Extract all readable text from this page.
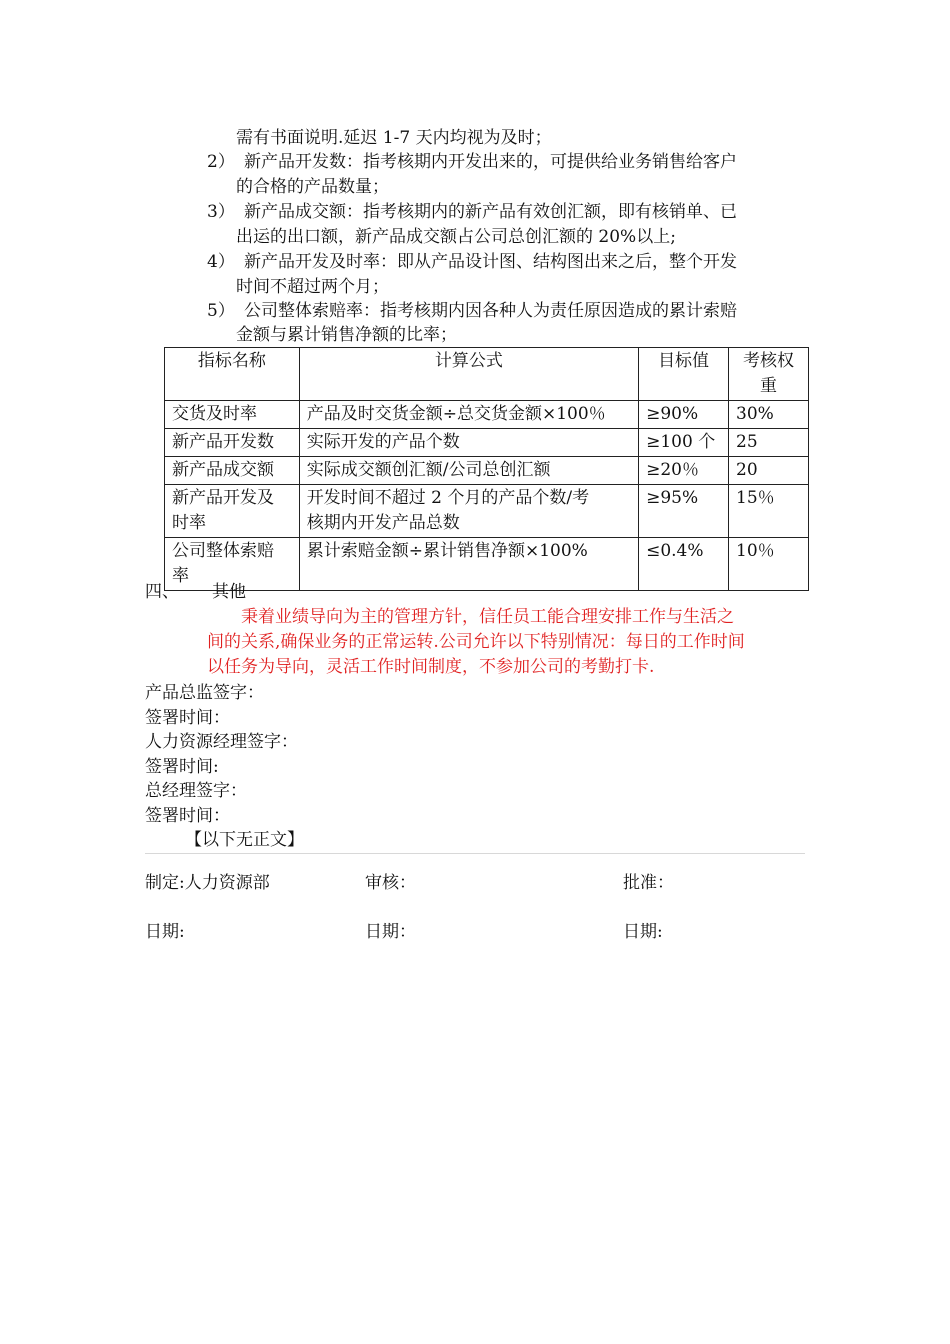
需有书面说明.延迟 1-7 天内均视为及时；
2） 新产品开发数：指考核期内开发出来的，可提供给业务销售给客户
的合格的产品数量；
3） 新产品成交额：指考核期内的新产品有效创汇额，即有核销单、已
出运的出口额，新产品成交额占公司总创汇额的 20%以上;
4） 新产品开发及时率：即从产品设计图、结构图出来之后，整个开发
时间不超过两个月；
5） 公司整体索赔率：指考核期内因各种人为责任原因造成的累计索赔
金额与累计销售净额的比率；
指标名称	计算公式	目标值	考核权
重
交货及时率	产品及时交货金额÷总交货金额×100％	≥90%	30%
新产品开发数	实际开发的产品个数	≥100 个	25
新产品成交额	实际成交额创汇额/公司总创汇额	≥20％	20
新产品开发及
时率	开发时间不超过 2 个月的产品个数/考
核期内开发产品总数	≥95%	15％
公司整体索赔
率	累计索赔金额÷累计销售净额×100%	≤0.4%	10％
四、 其他
秉着业绩导向为主的管理方针，信任员工能合理安排工作与生活之
间的关系,确保业务的正常运转.公司允许以下特别情况：每日的工作时间
以任务为导向，灵活工作时间制度，不参加公司的考勤打卡.
产品总监签字：
签署时间：
人力资源经理签字：
签署时间:
总经理签字：
签署时间：
【以下无正文】
制定:人力资源部	审核：	批准：
日期:	日期：	日期:
